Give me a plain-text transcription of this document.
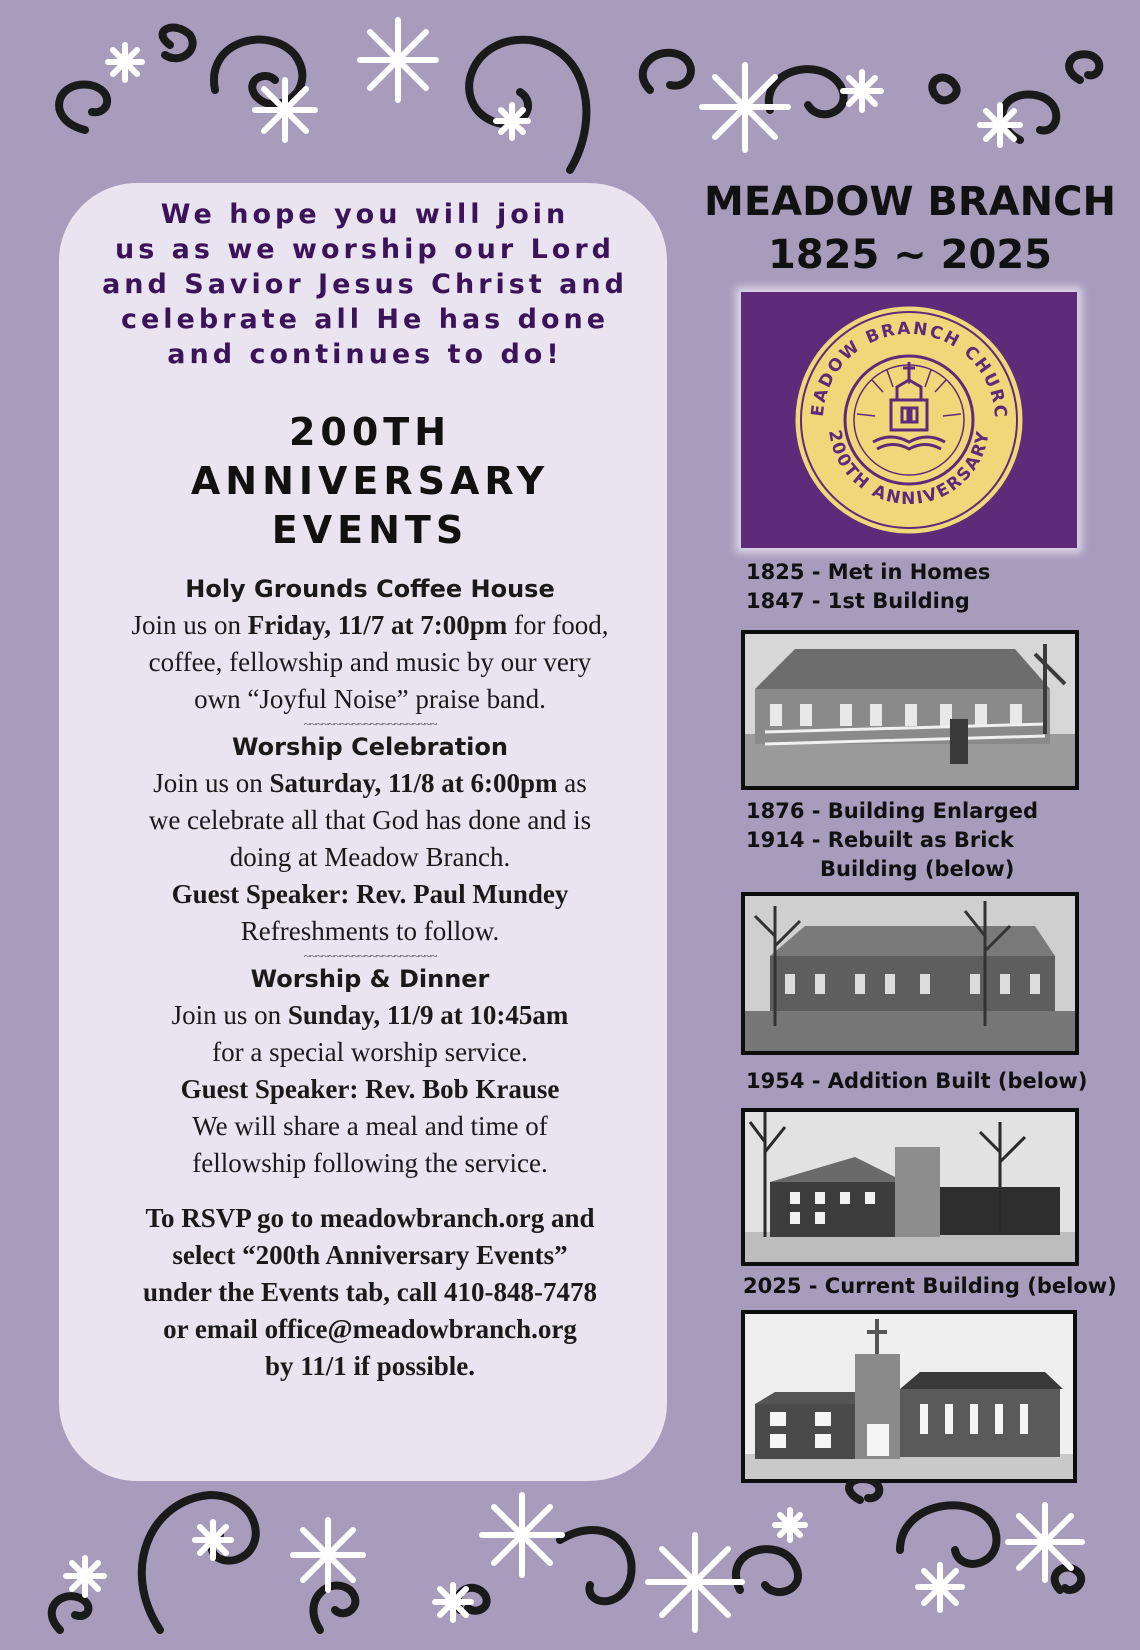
We hope you will join
us as we worship our Lord
and Savior Jesus Christ and
celebrate all He has done
and continues to do!
200TH
ANNIVERSARY
EVENTS
Holy Grounds Coffee House
Join us on Friday, 11/7 at 7:00pm for food,
coffee, fellowship and music by our very
own “Joyful Noise” praise band.
~~~~~~~~~~~~~~~~~~~~~~
Worship Celebration
Join us on Saturday, 11/8 at 6:00pm as
we celebrate all that God has done and is
doing at Meadow Branch.
Guest Speaker: Rev. Paul Mundey
Refreshments to follow.
~~~~~~~~~~~~~~~~~~~~~~
Worship & Dinner
Join us on Sunday, 11/9 at 10:45am
for a special worship service.
Guest Speaker: Rev. Bob Krause
We will share a meal and time of
fellowship following the service.
To RSVP go to meadowbranch.org and
select “200th Anniversary Events”
under the Events tab, call 410-848-7478
or email office@meadowbranch.org
by 11/1 if possible.
MEADOW BRANCH
1825 ~ 2025
EADOW BRANCH CHURC
200TH ANNIVERSARY
1825 - Met in Homes
1847 - 1st Building
1876 - Building Enlarged
1914 - Rebuilt as Brick
Building (below)
1954 - Addition Built (below)
2025 - Current Building (below)
